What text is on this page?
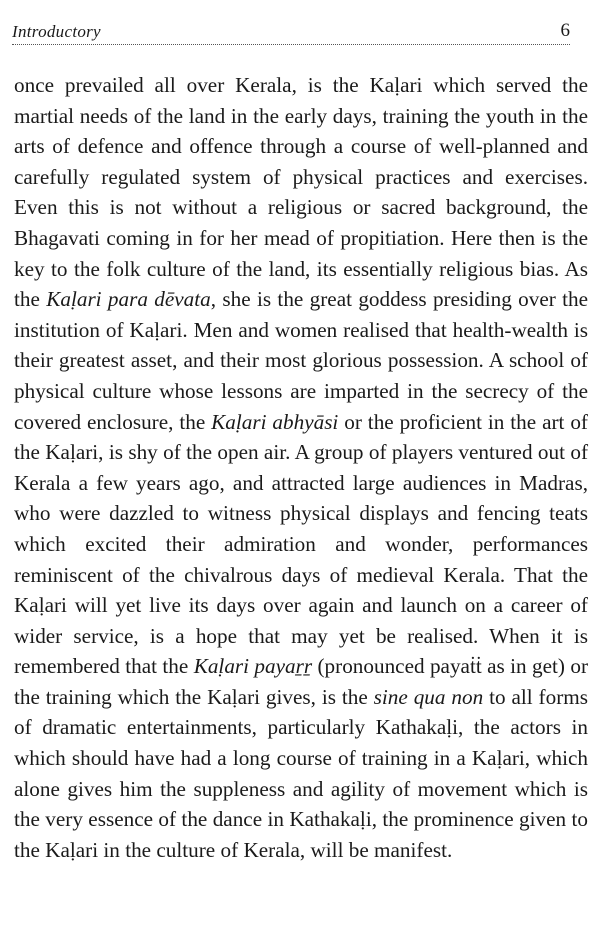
Introductory	6

once prevailed all over Kerala, is the Kaḷari which served the martial needs of the land in the early days, training the youth in the arts of defence and offence through a course of well-planned and carefully regulated system of physical practices and exercises. Even this is not without a religious or sacred background, the Bhagavati coming in for her mead of propitiation. Here then is the key to the folk culture of the land, its essentially religious bias. As the Kaḷari para dēvata, she is the great goddess presiding over the institution of Kaḷari. Men and women realised that health-wealth is their greatest asset, and their most glorious possession. A school of physical culture whose lessons are imparted in the secrecy of the covered enclosure, the Kaḷari abhyāsi or the proficient in the art of the Kaḷari, is shy of the open air. A group of players ventured out of Kerala a few years ago, and attracted large audiences in Madras, who were dazzled to witness physical displays and fencing teats which excited their admiration and wonder, performances reminiscent of the chivalrous days of medieval Kerala. That the Kaḷari will yet live its days over again and launch on a career of wider service, is a hope that may yet be realised. When it is remembered that the Kaḷari payaṟṟ (pronounced payaṫṫ as in get) or the training which the Kaḷari gives, is the sine qua non to all forms of dramatic entertainments, particularly Kathakaḷi, the actors in which should have had a long course of training in a Kaḷari, which alone gives him the suppleness and agility of movement which is the very essence of the dance in Kathakaḷi, the prominence given to the Kaḷari in the culture of Kerala, will be manifest.
